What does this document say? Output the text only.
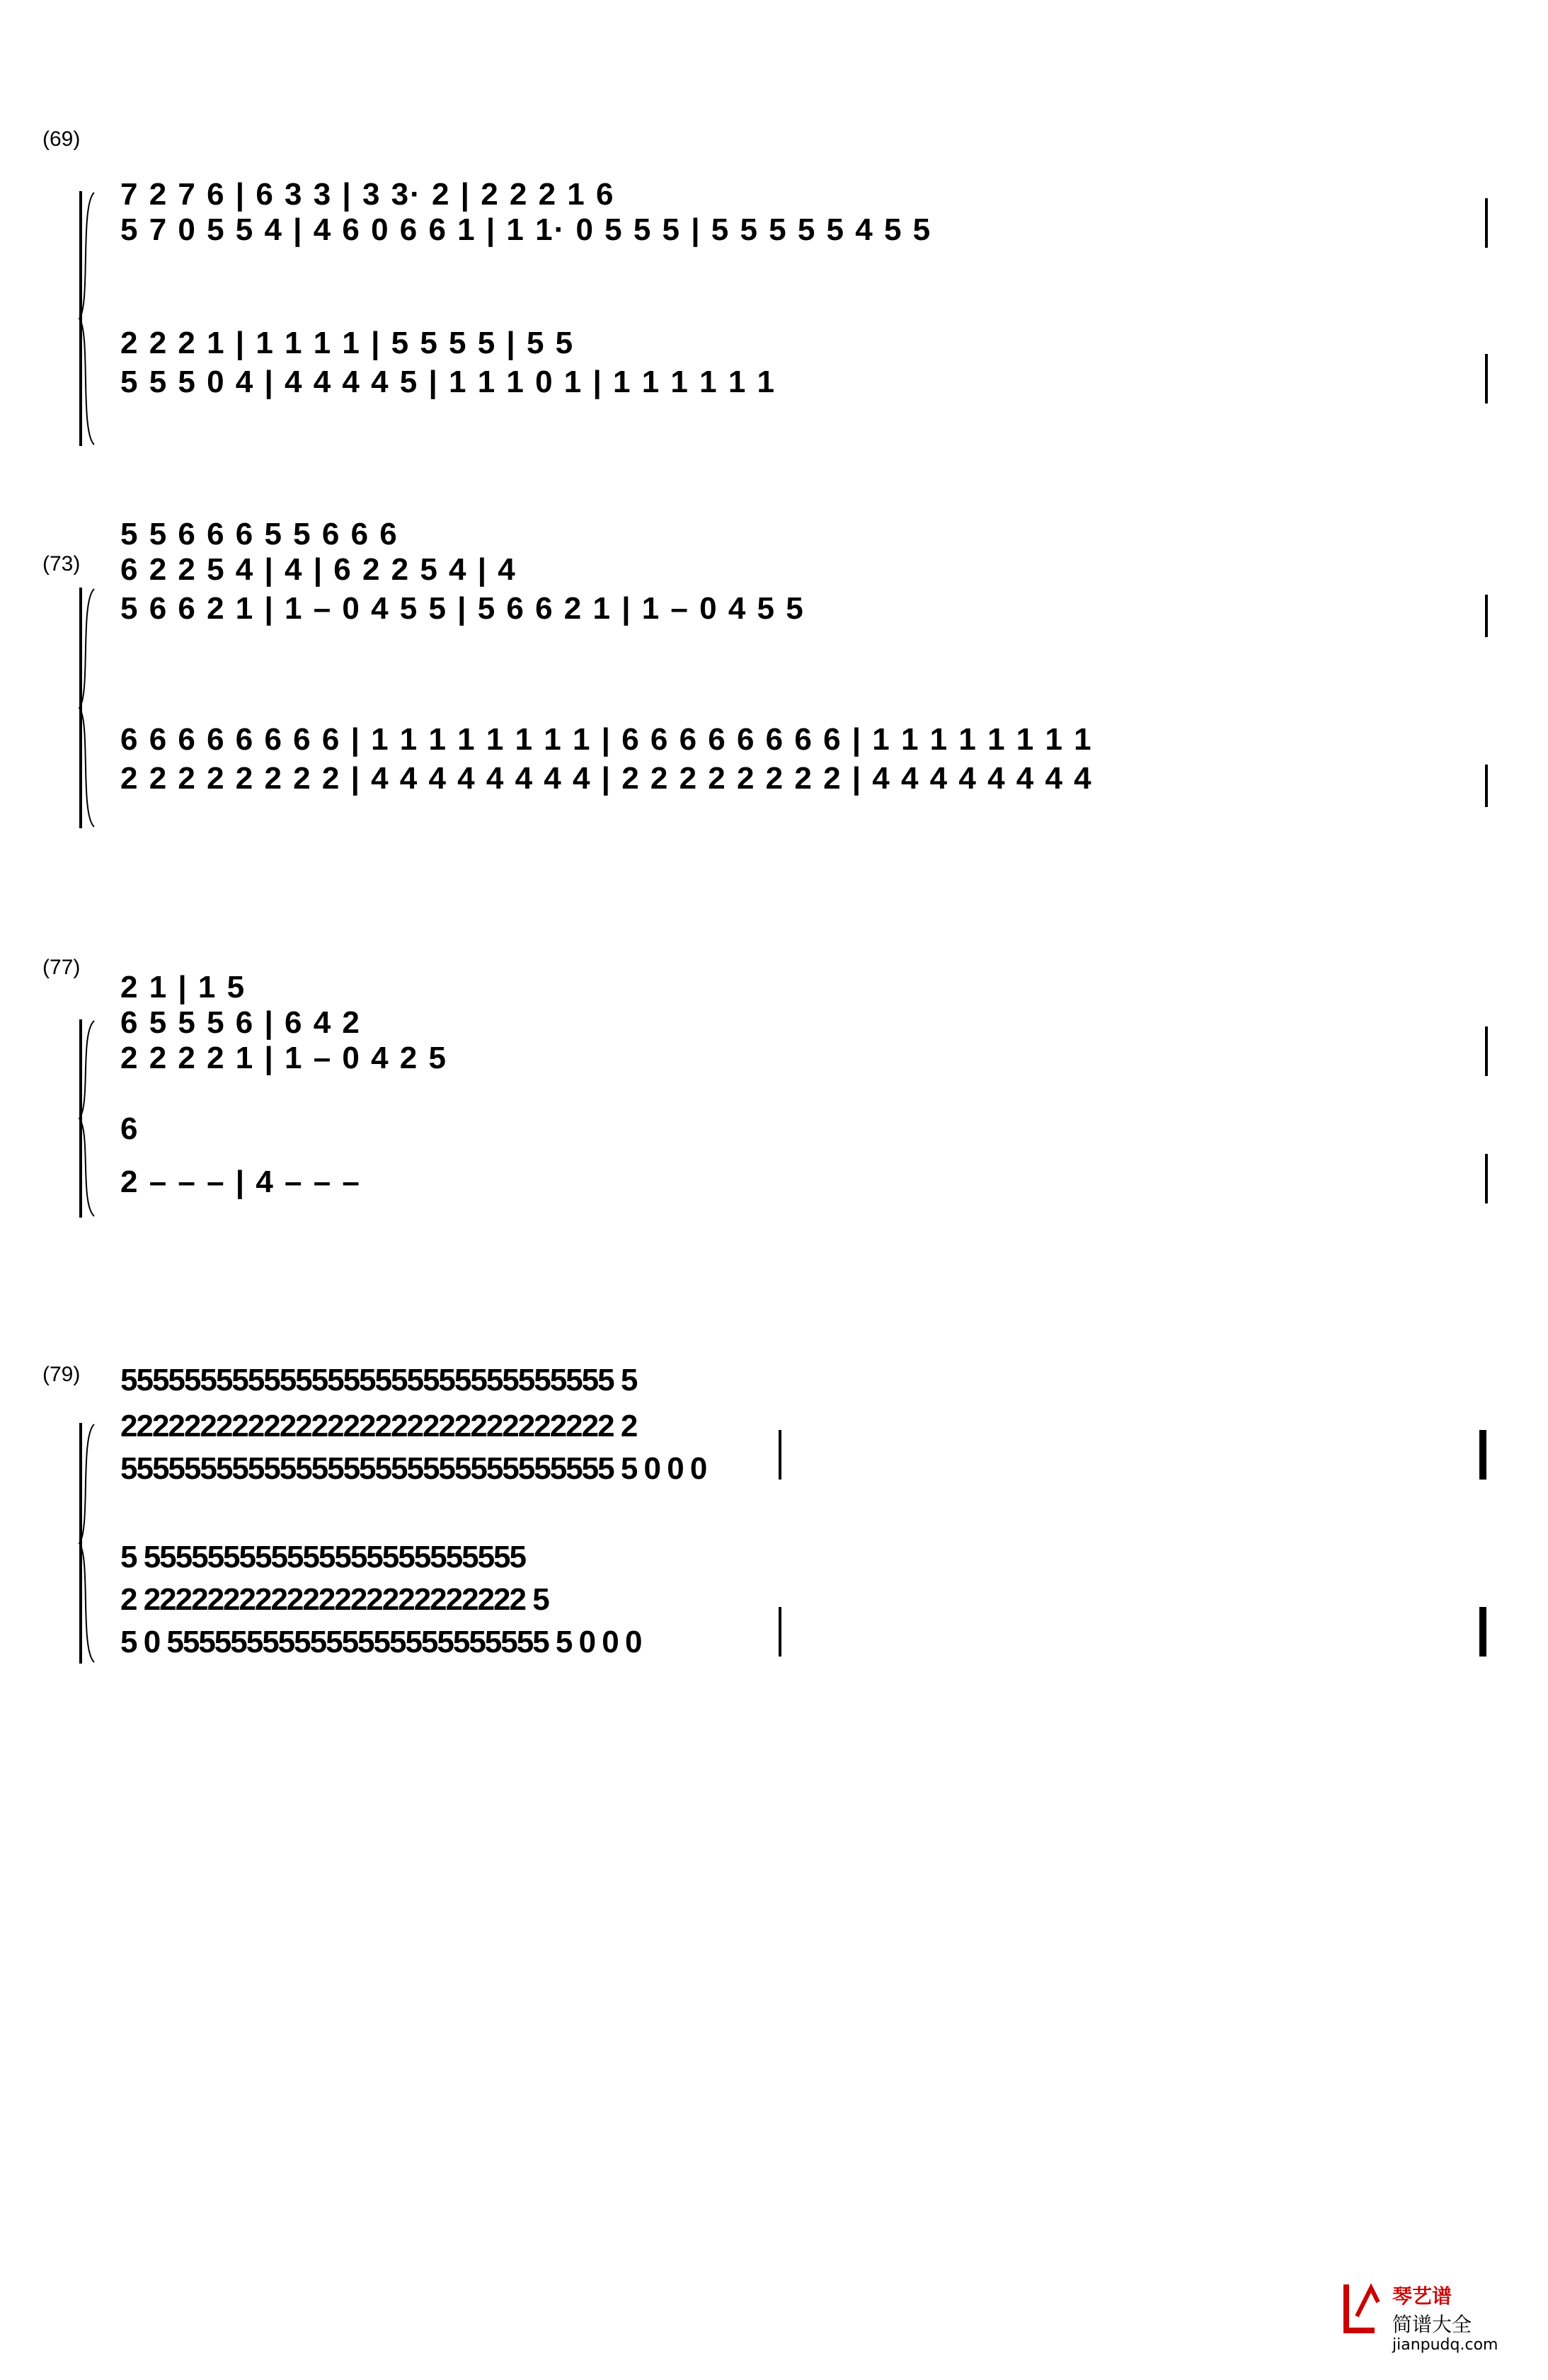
(69)
7 2 7 6 | 6 3 3 | 3 3· 2 | 2 2 2 1 6
5 7 0 5 5 4 | 4 6 0 6 6 1 | 1 1· 0 5 5 5 | 5 5 5 5 5 4 5 5
2 2 2 1 | 1 1 1 1 | 5 5 5 5 | 5 5
5 5 5 0 4 | 4 4 4 4 5 | 1 1 1 0 1 | 1 1 1 1 1 1
(73)
5 5 6 6 6 5 5 6 6 6
6 2 2 5 4 | 4 | 6 2 2 5 4 | 4
5 6 6 2 1 | 1 – 0 4 5 5 | 5 6 6 2 1 | 1 – 0 4 5 5
6 6 6 6 6 6 6 6 | 1 1 1 1 1 1 1 1 | 6 6 6 6 6 6 6 6 | 1 1 1 1 1 1 1 1
2 2 2 2 2 2 2 2 | 4 4 4 4 4 4 4 4 | 2 2 2 2 2 2 2 2 | 4 4 4 4 4 4 4 4
(77)
2 1 | 1 5
6 5 5 5 6 | 6 4 2
2 2 2 2 1 | 1 – 0 4 2 5
6
2 – – – | 4 – – –
(79) 5555555555555555555555555555555 5
2222222222222222222222222222222 2
5555555555555555555555555555555 5 0 0 0
5 555555555555555555555555
2 222222222222222222222222 5
5 0 555555555555555555555555 5 0 0 0
琴艺谱
简谱大全
jianpudq.com
